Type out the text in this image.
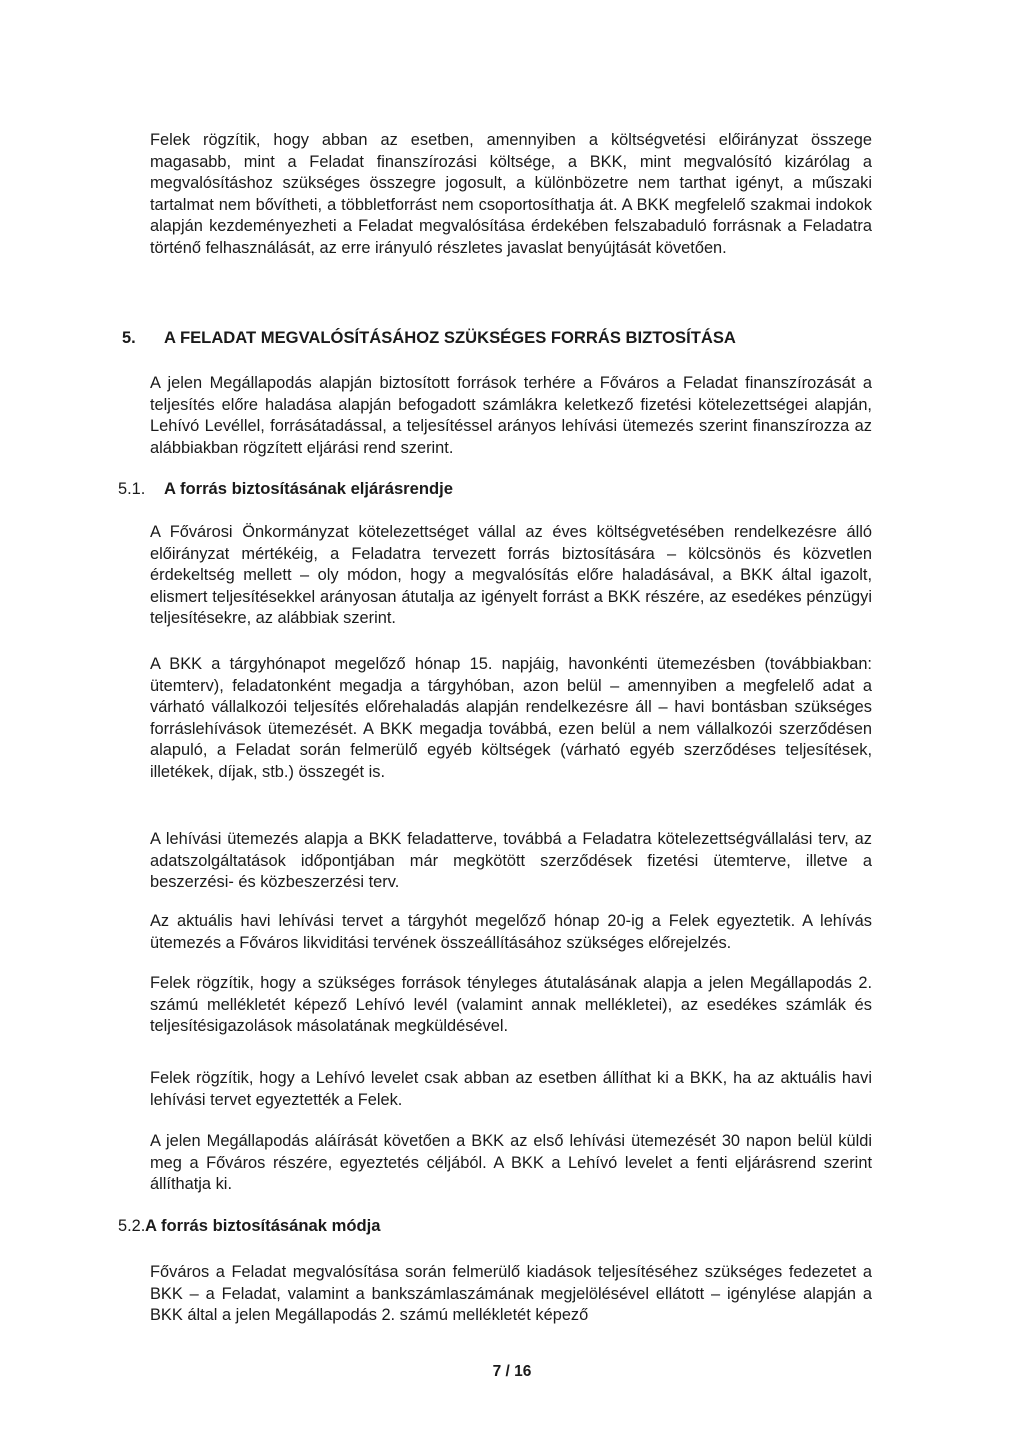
Felek rögzítik, hogy abban az esetben, amennyiben a költségvetési előirányzat összege magasabb, mint a Feladat finanszírozási költsége, a BKK, mint megvalósító kizárólag a megvalósításhoz szükséges összegre jogosult, a különbözetre nem tarthat igényt, a műszaki tartalmat nem bővítheti, a többletforrást nem csoportosíthatja át. A BKK megfelelő szakmai indokok alapján kezdeményezheti a Feladat megvalósítása érdekében felszabaduló forrásnak a Feladatra történő felhasználását, az erre irányuló részletes javaslat benyújtását követően.

5. A FELADAT MEGVALÓSÍTÁSÁHOZ SZÜKSÉGES FORRÁS BIZTOSÍTÁSA

A jelen Megállapodás alapján biztosított források terhére a Főváros a Feladat finanszírozását a teljesítés előre haladása alapján befogadott számlákra keletkező fizetési kötelezettségei alapján, Lehívó Levéllel, forrásátadással, a teljesítéssel arányos lehívási ütemezés szerint finanszírozza az alábbiakban rögzített eljárási rend szerint.

5.1. A forrás biztosításának eljárásrendje

A Fővárosi Önkormányzat kötelezettséget vállal az éves költségvetésében rendelkezésre álló előirányzat mértékéig, a Feladatra tervezett forrás biztosítására – kölcsönös és közvetlen érdekeltség mellett – oly módon, hogy a megvalósítás előre haladásával, a BKK által igazolt, elismert teljesítésekkel arányosan átutalja az igényelt forrást a BKK részére, az esedékes pénzügyi teljesítésekre, az alábbiak szerint.

A BKK a tárgyhónapot megelőző hónap 15. napjáig, havonkénti ütemezésben (továbbiakban: ütemterv), feladatonként megadja a tárgyhóban, azon belül – amennyiben a megfelelő adat a várható vállalkozói teljesítés előrehaladás alapján rendelkezésre áll – havi bontásban szükséges forráslehívások ütemezését. A BKK megadja továbbá, ezen belül a nem vállalkozói szerződésen alapuló, a Feladat során felmerülő egyéb költségek (várható egyéb szerződéses teljesítések, illetékek, díjak, stb.) összegét is.

A lehívási ütemezés alapja a BKK feladatterve, továbbá a Feladatra kötelezettségvállalási terv, az adatszolgáltatások időpontjában már megkötött szerződések fizetési ütemterve, illetve a beszerzési- és közbeszerzési terv.

Az aktuális havi lehívási tervet a tárgyhót megelőző hónap 20-ig a Felek egyeztetik. A lehívás ütemezés a Főváros likviditási tervének összeállításához szükséges előrejelzés.

Felek rögzítik, hogy a szükséges források tényleges átutalásának alapja a jelen Megállapodás 2. számú mellékletét képező Lehívó levél (valamint annak mellékletei), az esedékes számlák és teljesítésigazolások másolatának megküldésével.

Felek rögzítik, hogy a Lehívó levelet csak abban az esetben állíthat ki a BKK, ha az aktuális havi lehívási tervet egyeztették a Felek.

A jelen Megállapodás aláírását követően a BKK az első lehívási ütemezését 30 napon belül küldi meg a Főváros részére, egyeztetés céljából. A BKK a Lehívó levelet a fenti eljárásrend szerint állíthatja ki.

5.2. A forrás biztosításának módja

Főváros a Feladat megvalósítása során felmerülő kiadások teljesítéséhez szükséges fedezetet a BKK – a Feladat, valamint a bankszámlaszámának megjelölésével ellátott – igénylése alapján a BKK által a jelen Megállapodás 2. számú mellékletét képező

7 / 16
